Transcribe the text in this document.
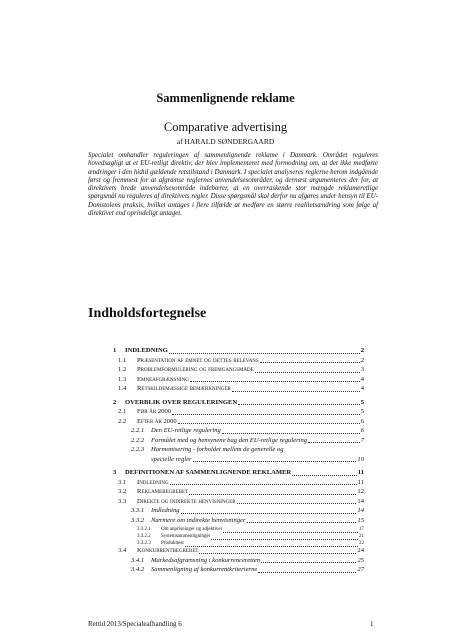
Sammenlignende reklame
Comparative advertising
af HARALD SØNDERGAARD

Specialet omhandler reguleringen af sammenlignende reklame i Danmark. Området reguleres hovedsagligt at et EU-retligt direktiv, der blev implementeret med formodning om, at det ikke medførte ændringer i den hidtil gældende retstilstand i Danmark. I specialet analyseres reglerne herom indgående først og fremmest for at afgrænse reglernes anvendelsesområder, og dernæst argumenteres der for, at direktivets brede anvendelsesområde indebærer, at en overraskende stor mængde reklameretlige spørgsmål nu reguleres af direktivets regler. Disse spørgsmål skal derfor nu afgøres under hensyn til EU-Domstolens praksis, hvilket antages i flere tilfælde at medføre en større realitetsændring som følge af direktivet end oprindeligt antaget.

Indholdsfortegnelse
1	INDLEDNING	2
1.1	Præsentation af emnet og dettes relevans	2
1.2	Problemformulering og fremgangsmåde	3
1.3	Emneafgrænsning	4
1.4	Retskildemæssige bemærkninger	4
2	OVERBLIK OVER REGULERINGEN	5
2.1	Før år 2000	5
2.2	Efter år 2000	6
2.2.1	Den EU-retlige regulering	6
2.2.2	Formålet med og hensynene bag den EU-retlige regulering	7
2.2.3	Harmonisering - forholdet mellem de generelle og
specielle regler	10
3	DEFINITIONEN AF SAMMENLIGNENDE REKLAMER	11
3.1	Indledning	11
3.2	Reklamebegrebet	12
3.3	Direkte og indirekte henvisninger	14
3.3.1	Indledning	14
3.3.2	Nærmere om indirekte henvisninger	15
3.3.2.1	Om anprisninger og adjektiver	17
3.3.2.2	Systemsammenligninger	21
3.3.2.3	Produkttest	22
3.4	Konkurrentbegrebet	24
3.4.1	Markedsafgrænsning i konkurrenceretten	25
3.4.2	Sammenligning af konkurrentkriterierne	27
Rettid 2013/Specialeafhandling 6	1
